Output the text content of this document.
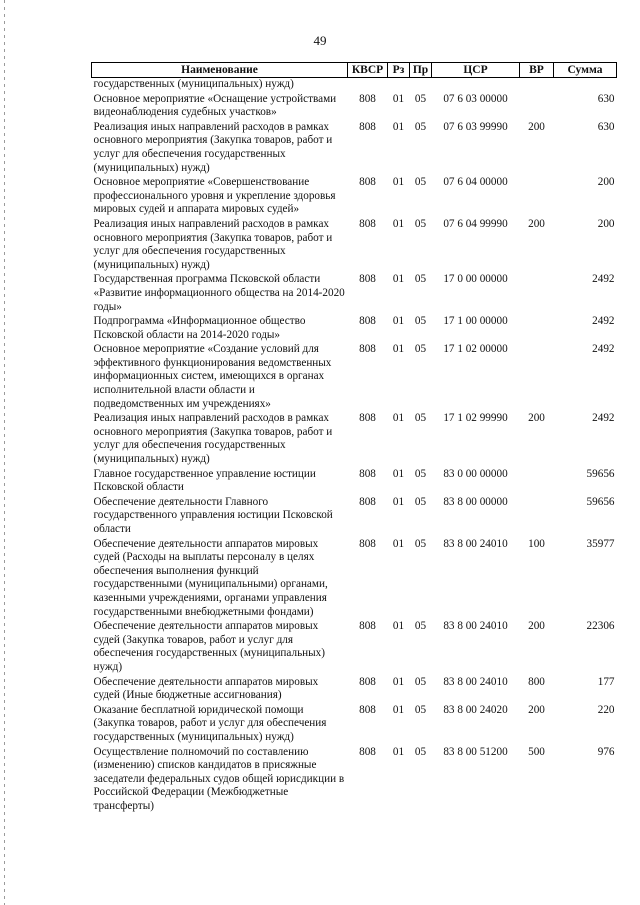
49
Наименование	КВСР	Рз	Пр	ЦСР	ВР	Сумма
государственных (муниципальных) нужд)						
Основное мероприятие «Оснащение устройствами видеонаблюдения судебных участков»	808	01	05	07 6 03 00000		630
Реализация иных направлений расходов в рамках основного мероприятия (Закупка товаров, работ и услуг для обеспечения государственных (муниципальных) нужд)	808	01	05	07 6 03 99990	200	630
Основное мероприятие «Совершенствование профессионального уровня и укрепление здоровья мировых судей и аппарата мировых судей»	808	01	05	07 6 04 00000		200
Реализация иных направлений расходов в рамках основного мероприятия (Закупка товаров, работ и услуг для обеспечения государственных (муниципальных) нужд)	808	01	05	07 6 04 99990	200	200
Государственная программа Псковской области «Развитие информационного общества на 2014-2020 годы»	808	01	05	17 0 00 00000		2492
Подпрограмма «Информационное общество Псковской области на 2014-2020 годы»	808	01	05	17 1 00 00000		2492
Основное мероприятие «Создание условий для эффективного функционирования ведомственных информационных систем, имеющихся в органах исполнительной власти области и подведомственных им учреждениях»	808	01	05	17 1 02 00000		2492
Реализация иных направлений расходов в рамках основного мероприятия (Закупка товаров, работ и услуг для обеспечения государственных (муниципальных) нужд)	808	01	05	17 1 02 99990	200	2492
Главное государственное управление юстиции Псковской области	808	01	05	83 0 00 00000		59656
Обеспечение деятельности Главного государственного управления юстиции Псковской области	808	01	05	83 8 00 00000		59656
Обеспечение деятельности аппаратов мировых судей (Расходы на выплаты персоналу в целях обеспечения выполнения функций государственными (муниципальными) органами, казенными учреждениями, органами управления государственными внебюджетными фондами)	808	01	05	83 8 00 24010	100	35977
Обеспечение деятельности аппаратов мировых судей (Закупка товаров, работ и услуг для обеспечения государственных (муниципальных) нужд)	808	01	05	83 8 00 24010	200	22306
Обеспечение деятельности аппаратов мировых судей (Иные бюджетные ассигнования)	808	01	05	83 8 00 24010	800	177
Оказание бесплатной юридической помощи (Закупка товаров, работ и услуг для обеспечения государственных (муниципальных) нужд)	808	01	05	83 8 00 24020	200	220
Осуществление полномочий по составлению (изменению) списков кандидатов в присяжные заседатели федеральных судов общей юрисдикции в Российской Федерации (Межбюджетные трансферты)	808	01	05	83 8 00 51200	500	976
